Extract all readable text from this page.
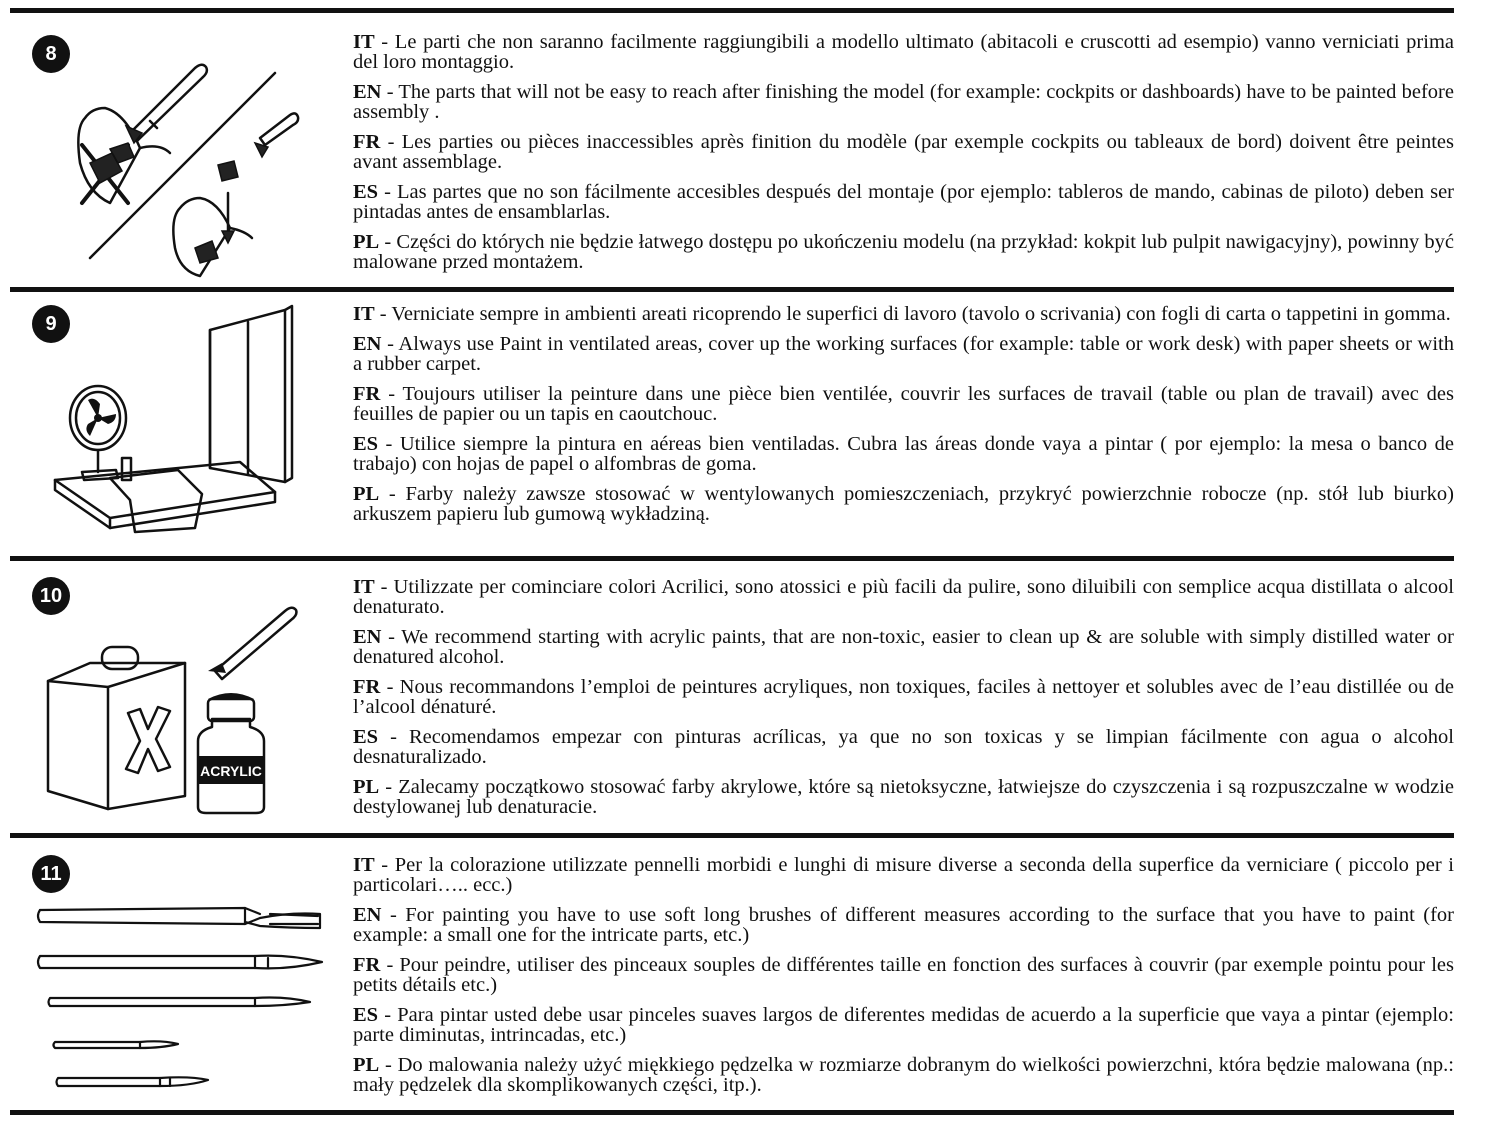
8

IT - Le parti che non saranno facilmente raggiungibili a modello ultimato (abitacoli e cruscotti ad esempio) vanno verniciati prima del loro montaggio.

EN - The parts that will not be easy to reach after finishing the model (for example: cockpits or dashboards) have to be painted before assembly .

FR - Les parties ou pièces inaccessibles après finition du modèle (par exemple cockpits ou tableaux de bord) doivent être peintes avant assemblage.

ES - Las partes que no son fácilmente accesibles después del montaje (por ejemplo: tableros de mando, cabinas de piloto) deben ser pintadas antes de ensamblarlas.

PL - Części do których nie będzie łatwego dostępu po ukończeniu modelu (na przykład: kokpit lub pulpit nawigacyjny), powinny być malowane przed montażem.

9	IT - Verniciate sempre in ambienti areati ricoprendo le superfici di lavoro (tavolo o scrivania) con fogli di carta o tappetini in gomma.

EN - Always use Paint in ventilated areas, cover up the working surfaces (for example: table or work desk) with paper sheets or with a rubber carpet.

FR - Toujours utiliser la peinture dans une pièce bien ventilée, couvrir les surfaces de travail (table ou plan de travail) avec des feuilles de papier ou un tapis en caoutchouc.

ES - Utilice siempre la pintura en aéreas bien ventiladas. Cubra las áreas donde vaya a pintar ( por ejemplo: la mesa o banco de trabajo) con hojas de papel o alfombras de goma.

PL - Farby należy zawsze stosować w wentylowanych pomieszczeniach, przykryć powierzchnie robocze (np. stół lub biurko) arkuszem papieru lub gumową wykładziną.

10
ACRYLIC

IT - Utilizzate per cominciare colori Acrilici, sono atossici e più facili da pulire, sono diluibili con semplice acqua distillata o alcool denaturato.

EN - We recommend starting with acrylic paints, that are non-toxic, easier to clean up & are soluble with simply distilled water or denatured alcohol.

FR - Nous recommandons l’emploi de peintures acryliques, non toxiques, faciles à nettoyer et solubles avec de l’eau distillée ou de l’alcool dénaturé.

ES - Recomendamos empezar con pinturas acrílicas, ya que no son toxicas y se limpian fácilmente con agua o alcohol desnaturalizado.

PL - Zalecamy początkowo stosować farby akrylowe, które są nietoksyczne, łatwiejsze do czyszczenia i są rozpuszczalne w wodzie destylowanej lub denaturacie.

11	IT - Per la colorazione utilizzate pennelli morbidi e lunghi di misure diverse a seconda della superfice da verniciare ( piccolo per i particolari….. ecc.)

EN - For painting you have to use soft long brushes of different measures according to the surface that you have to paint (for example: a small one for the intricate parts, etc.)

FR - Pour peindre, utiliser des pinceaux souples de différentes taille en fonction des surfaces à couvrir (par exemple pointu pour les petits détails etc.)

ES - Para pintar usted debe usar pinceles suaves largos de diferentes medidas de acuerdo a la superficie que vaya a pintar (ejemplo: parte diminutas, intrincadas, etc.)

PL - Do malowania należy użyć miękkiego pędzelka w rozmiarze dobranym do wielkości powierzchni, która będzie malowana (np.: mały pędzelek dla skomplikowanych części, itp.).
